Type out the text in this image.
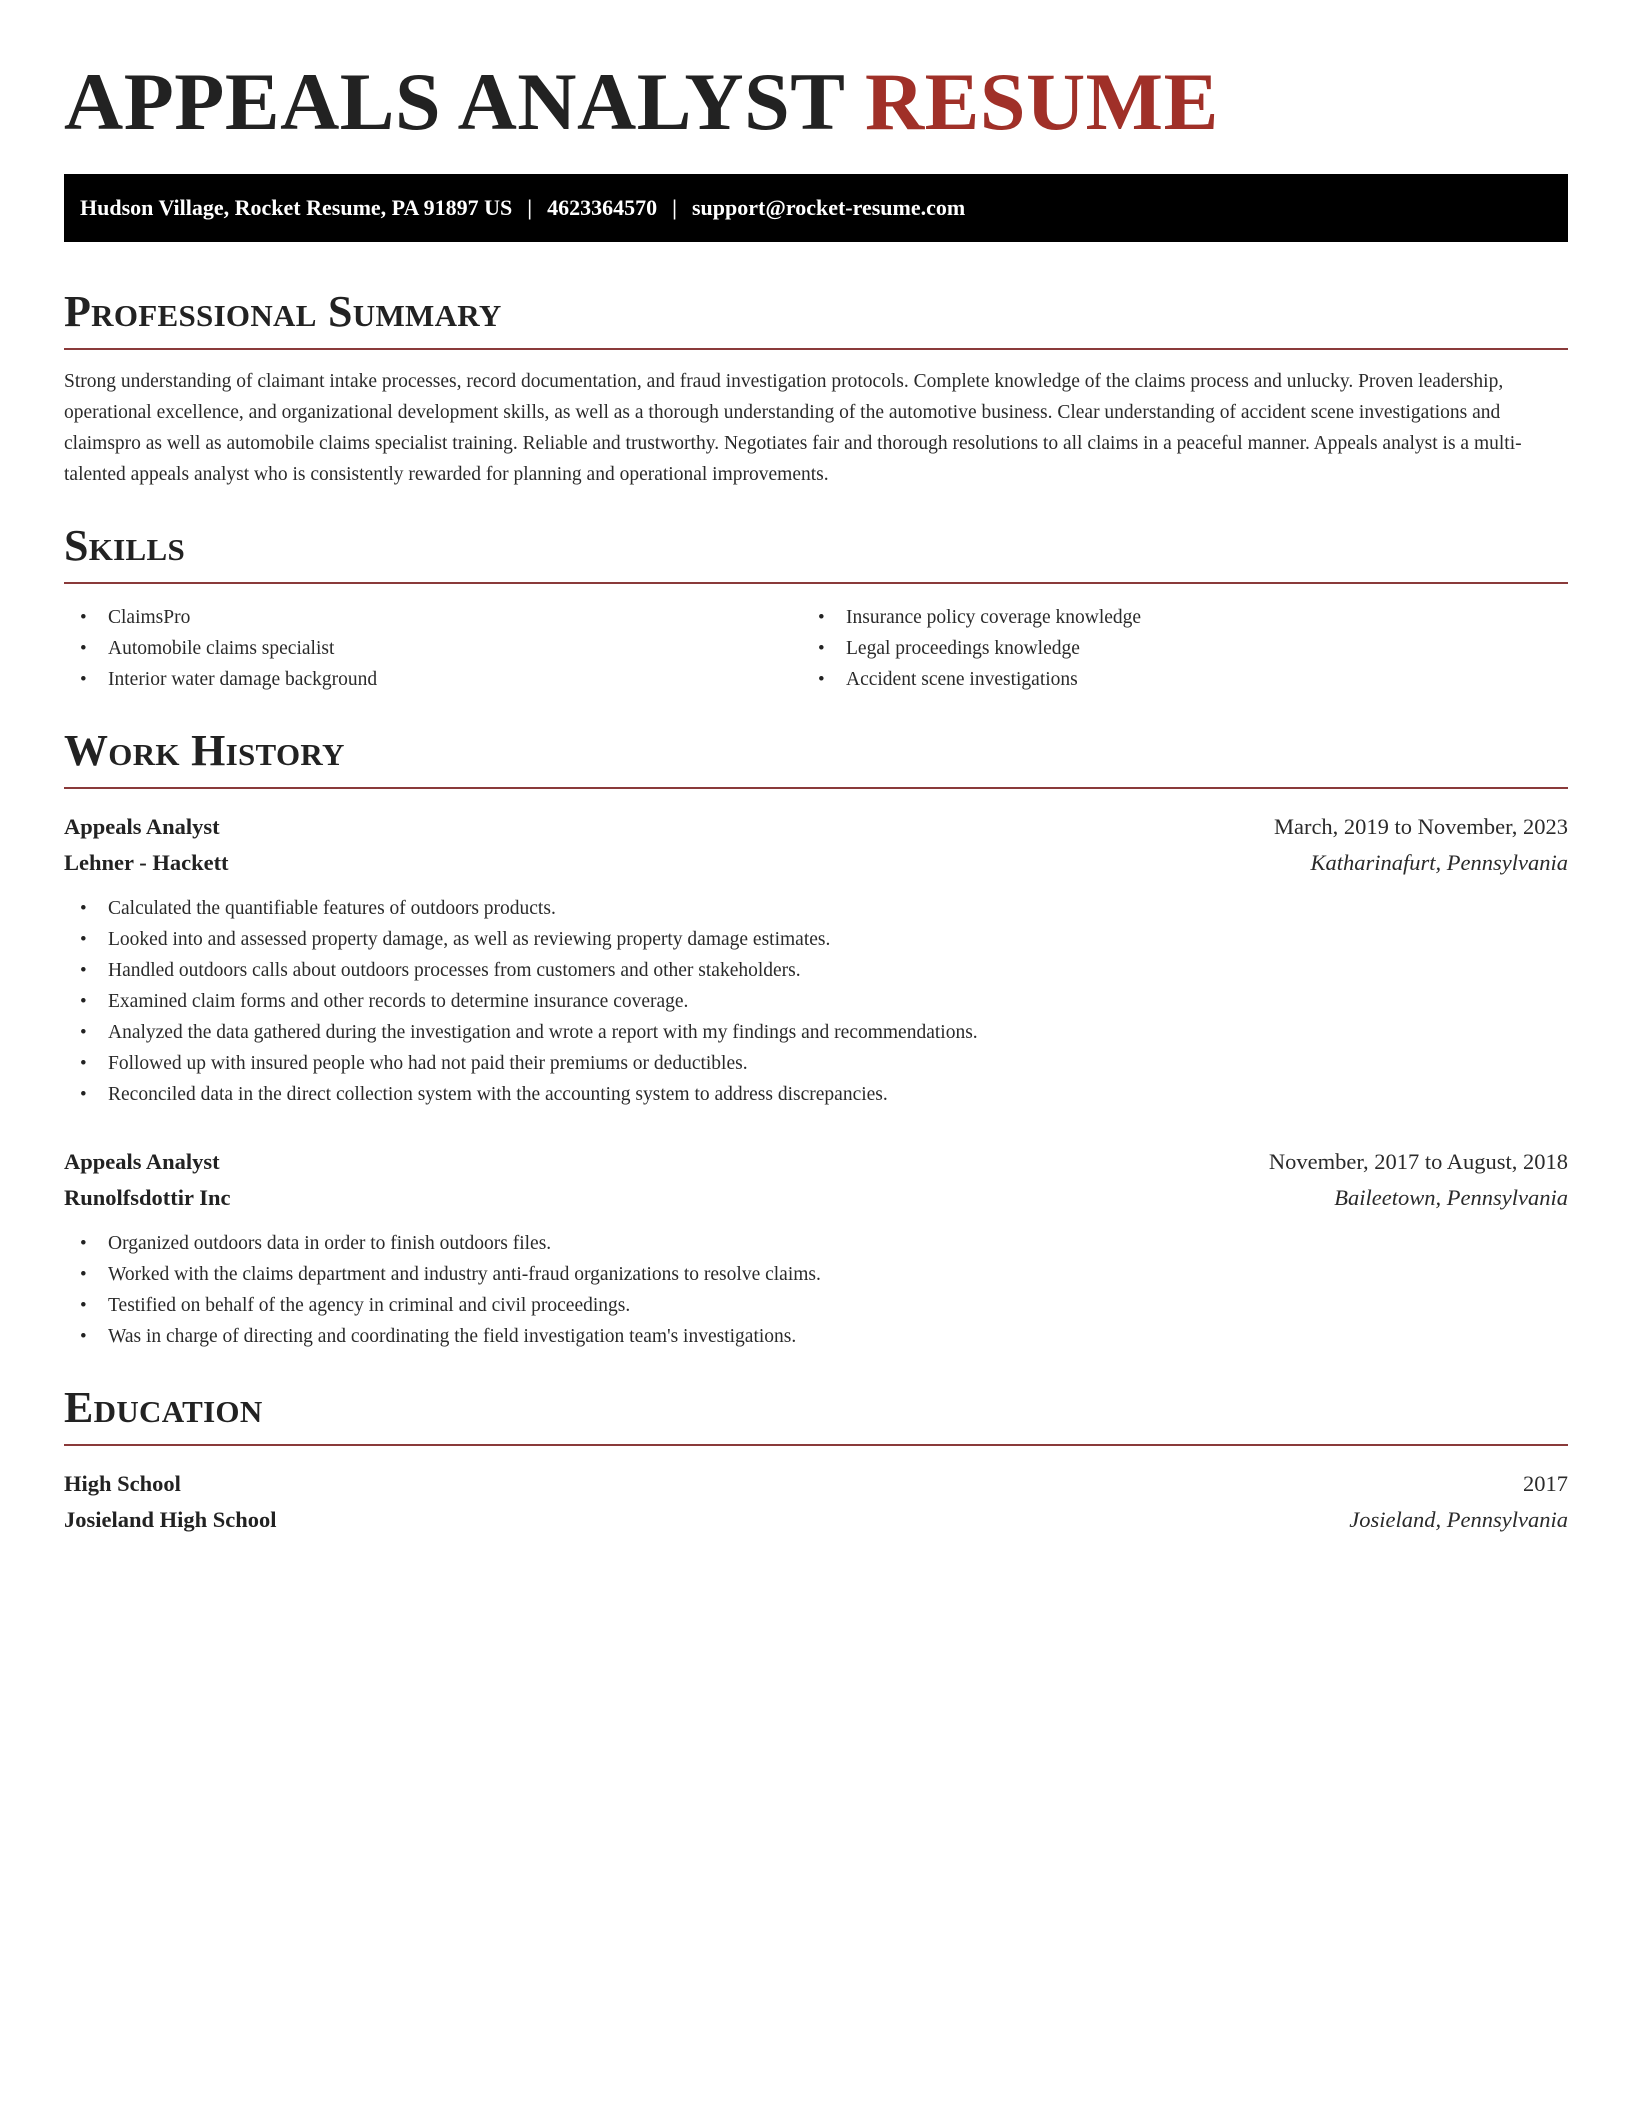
APPEALS ANALYST RESUME
Hudson Village, Rocket Resume, PA 91897 US | 4623364570 | support@rocket-resume.com
Professional Summary

Strong understanding of claimant intake processes, record documentation, and fraud investigation protocols. Complete knowledge of the claims process and unlucky. Proven leadership, operational excellence, and organizational development skills, as well as a thorough understanding of the automotive business. Clear understanding of accident scene investigations and claimspro as well as automobile claims specialist training. Reliable and trustworthy. Negotiates fair and thorough resolutions to all claims in a peaceful manner. Appeals analyst is a multi-talented appeals analyst who is consistently rewarded for planning and operational improvements.

Skills
• ClaimsPro
• Automobile claims specialist
• Interior water damage background
• Insurance policy coverage knowledge
• Legal proceedings knowledge
• Accident scene investigations
Work History
Appeals Analyst	March, 2019 to November, 2023
Lehner - Hackett	Katharinafurt, Pennsylvania
• Calculated the quantifiable features of outdoors products.
• Looked into and assessed property damage, as well as reviewing property damage estimates.
• Handled outdoors calls about outdoors processes from customers and other stakeholders.
• Examined claim forms and other records to determine insurance coverage.
• Analyzed the data gathered during the investigation and wrote a report with my findings and recommendations.
• Followed up with insured people who had not paid their premiums or deductibles.
• Reconciled data in the direct collection system with the accounting system to address discrepancies.
Appeals Analyst	November, 2017 to August, 2018
Runolfsdottir Inc	Baileetown, Pennsylvania
• Organized outdoors data in order to finish outdoors files.
• Worked with the claims department and industry anti-fraud organizations to resolve claims.
• Testified on behalf of the agency in criminal and civil proceedings.
• Was in charge of directing and coordinating the field investigation team's investigations.
Education
High School	2017
Josieland High School	Josieland, Pennsylvania
